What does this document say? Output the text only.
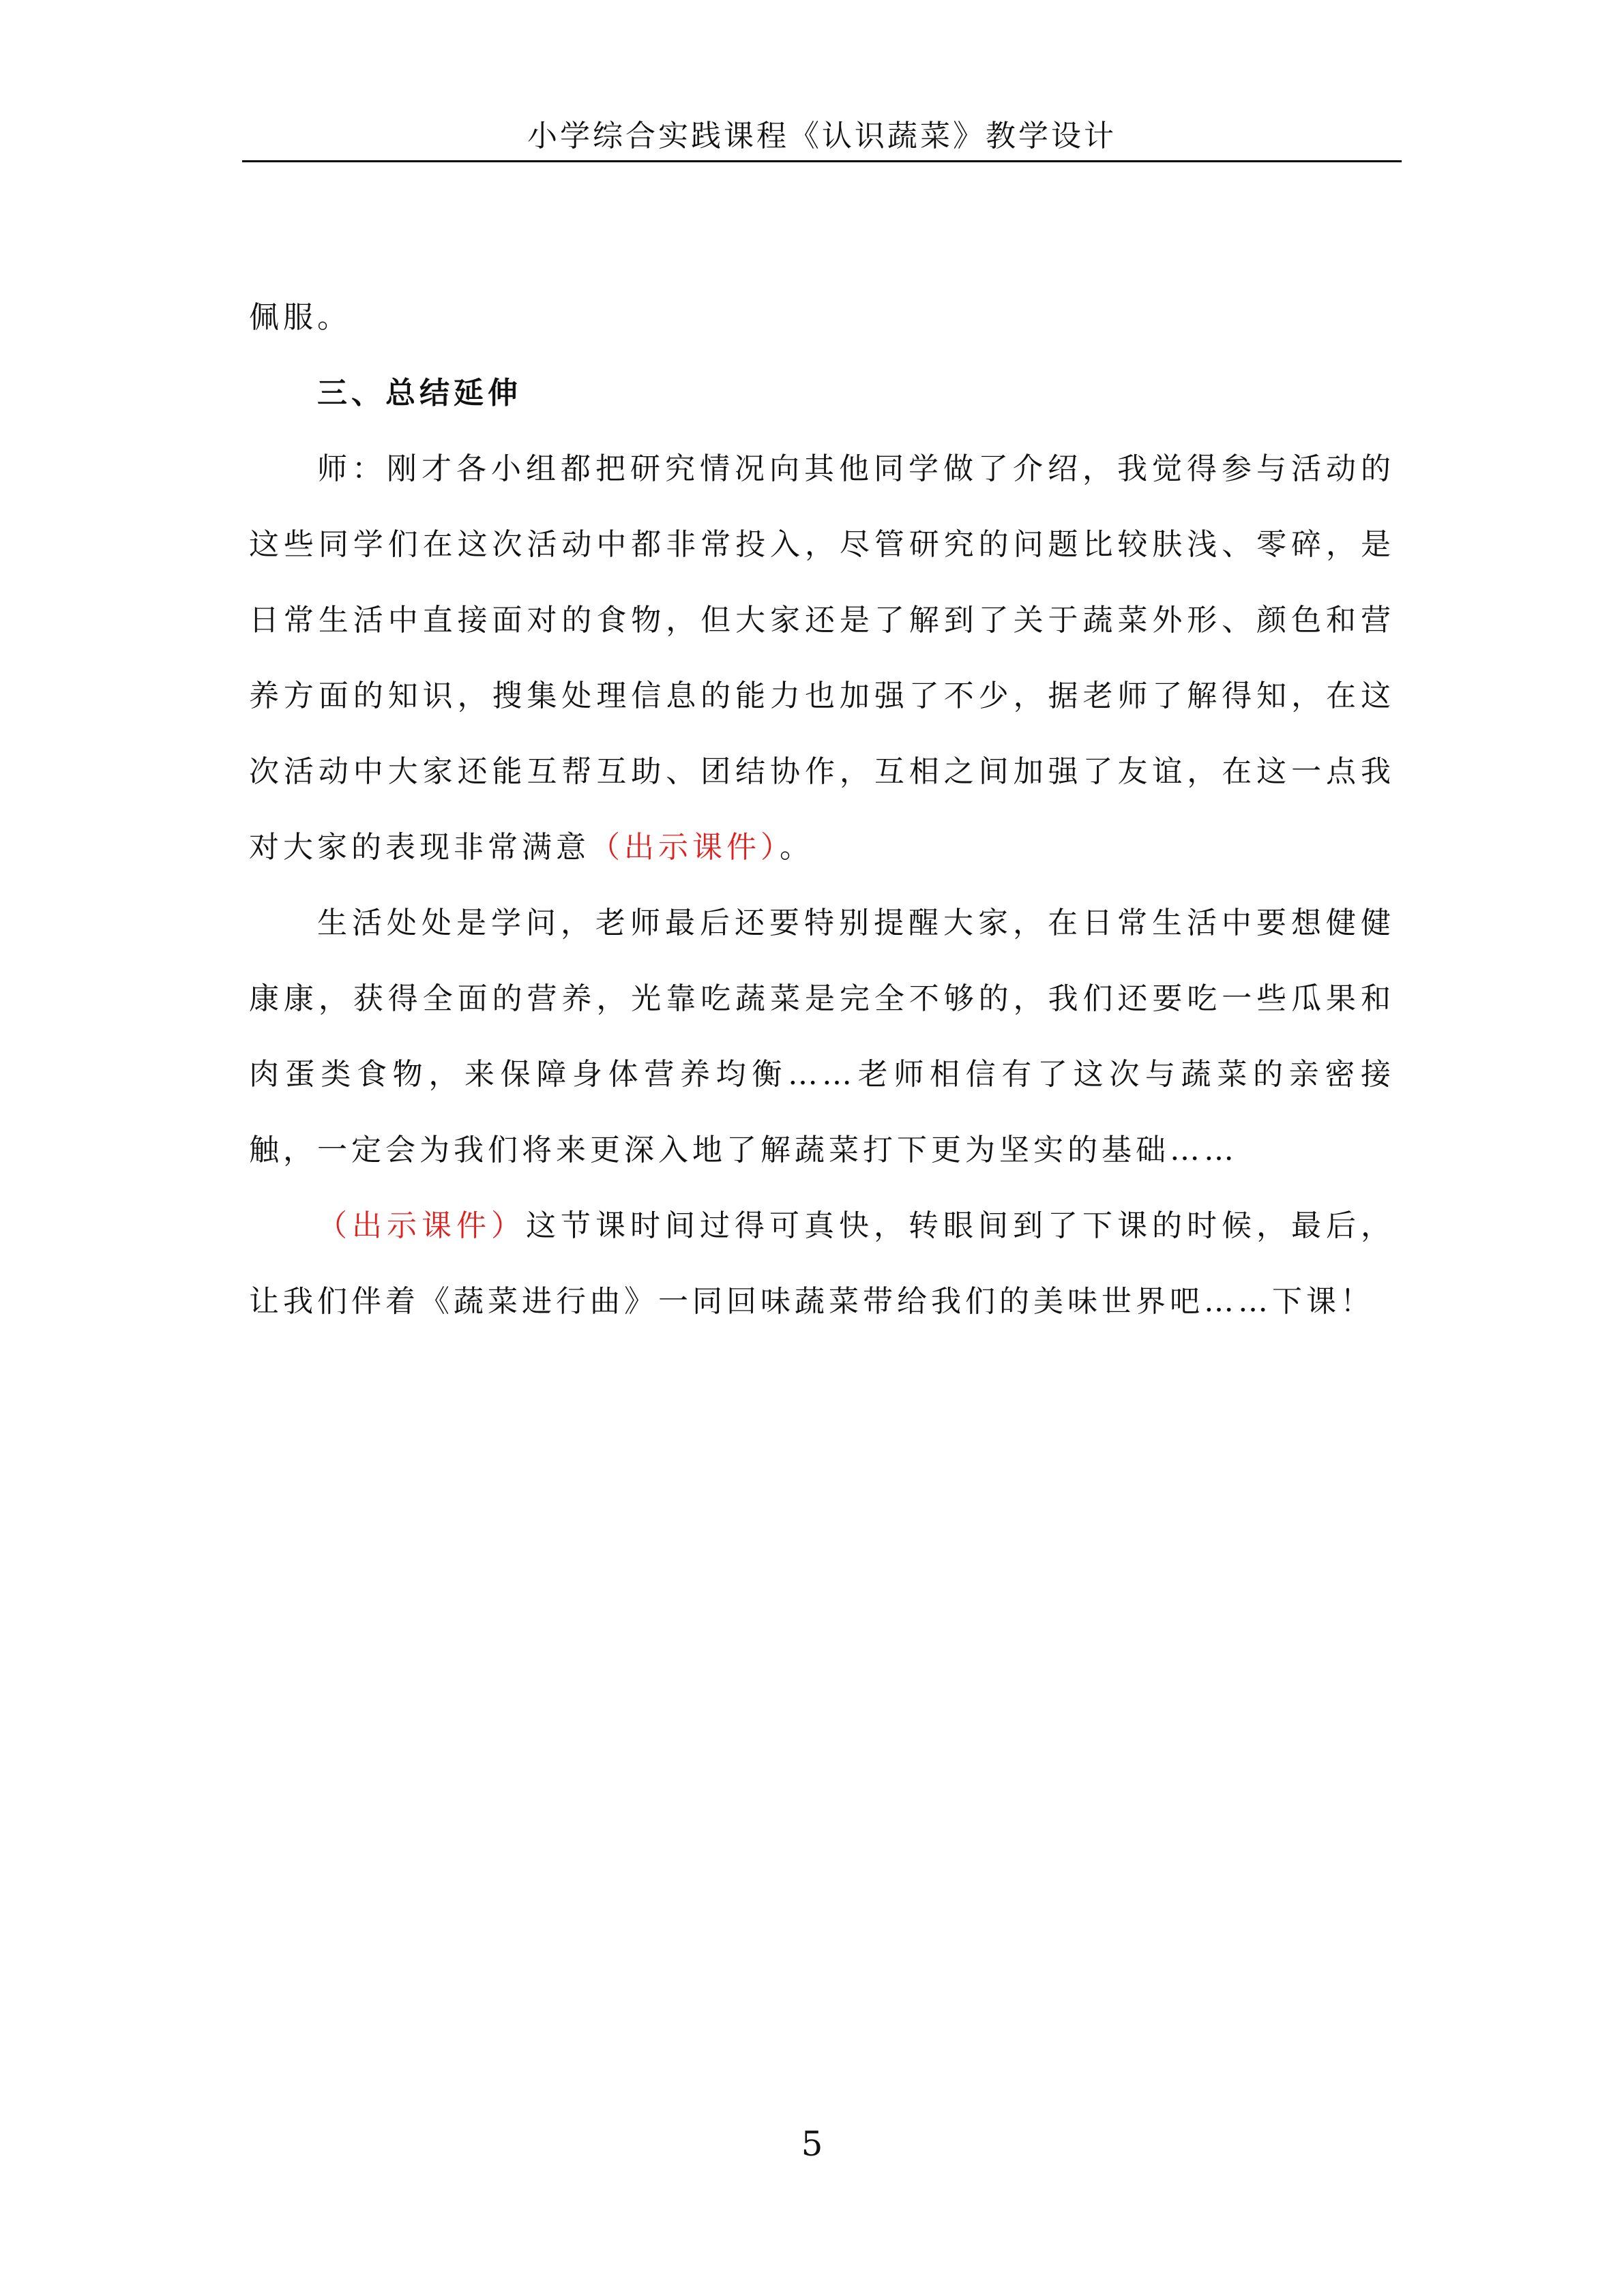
小学综合实践课程《认识蔬菜》教学设计

佩服。

三、总结延伸

师：刚才各小组都把研究情况向其他同学做了介绍，我觉得参与活动的这些同学们在这次活动中都非常投入，尽管研究的问题比较肤浅、零碎，是日常生活中直接面对的食物，但大家还是了解到了关于蔬菜外形、颜色和营养方面的知识，搜集处理信息的能力也加强了不少，据老师了解得知，在这次活动中大家还能互帮互助、团结协作，互相之间加强了友谊，在这一点我对大家的表现非常满意（出示课件）。

生活处处是学问，老师最后还要特别提醒大家，在日常生活中要想健健康康，获得全面的营养，光靠吃蔬菜是完全不够的，我们还要吃一些瓜果和肉蛋类食物，来保障身体营养均衡……老师相信有了这次与蔬菜的亲密接触，一定会为我们将来更深入地了解蔬菜打下更为坚实的基础……

（出示课件）这节课时间过得可真快，转眼间到了下课的时候，最后，让我们伴着《蔬菜进行曲》一同回味蔬菜带给我们的美味世界吧……下课！

5
